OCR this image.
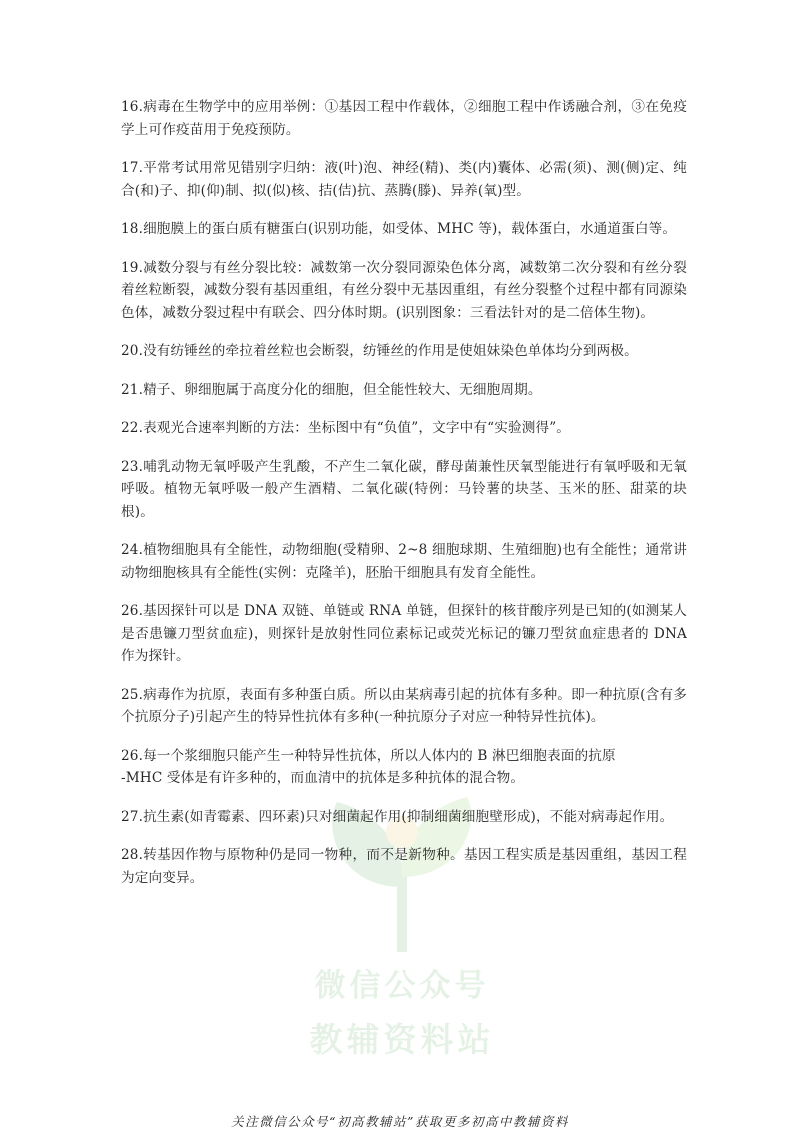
微信公众号
教辅资料站

16.病毒在生物学中的应用举例：①基因工程中作载体，②细胞工程中作诱融合剂，③在免疫学上可作疫苗用于免疫预防。

17.平常考试用常见错别字归纳：液(叶)泡、神经(精)、类(内)囊体、必需(须)、测(侧)定、纯合(和)子、抑(仰)制、拟(似)核、拮(佶)抗、蒸腾(滕)、异养(氧)型。

18.细胞膜上的蛋白质有糖蛋白(识别功能，如受体、MHC 等)，载体蛋白，水通道蛋白等。

19.减数分裂与有丝分裂比较：减数第一次分裂同源染色体分离，减数第二次分裂和有丝分裂着丝粒断裂，减数分裂有基因重组，有丝分裂中无基因重组，有丝分裂整个过程中都有同源染色体，减数分裂过程中有联会、四分体时期。(识别图象：三看法针对的是二倍体生物)。

20.没有纺锤丝的牵拉着丝粒也会断裂，纺锤丝的作用是使姐妹染色单体均分到两极。

21.精子、卵细胞属于高度分化的细胞，但全能性较大、无细胞周期。

22.表观光合速率判断的方法：坐标图中有“负值”，文字中有“实验测得”。

23.哺乳动物无氧呼吸产生乳酸，不产生二氧化碳，酵母菌兼性厌氧型能进行有氧呼吸和无氧呼吸。植物无氧呼吸一般产生酒精、二氧化碳(特例：马铃薯的块茎、玉米的胚、甜菜的块根)。

24.植物细胞具有全能性，动物细胞(受精卵、2~8 细胞球期、生殖细胞)也有全能性；通常讲动物细胞核具有全能性(实例：克隆羊)，胚胎干细胞具有发育全能性。

26.基因探针可以是 DNA 双链、单链或 RNA 单链，但探针的核苷酸序列是已知的(如测某人是否患镰刀型贫血症)，则探针是放射性同位素标记或荧光标记的镰刀型贫血症患者的 DNA 作为探针。

25.病毒作为抗原，表面有多种蛋白质。所以由某病毒引起的抗体有多种。即一种抗原(含有多个抗原分子)引起产生的特异性抗体有多种(一种抗原分子对应一种特异性抗体)。

26.每一个浆细胞只能产生一种特异性抗体，所以人体内的 B 淋巴细胞表面的抗原
-MHC 受体是有许多种的，而血清中的抗体是多种抗体的混合物。

27.抗生素(如青霉素、四环素)只对细菌起作用(抑制细菌细胞壁形成)，不能对病毒起作用。

28.转基因作物与原物种仍是同一物种，而不是新物种。基因工程实质是基因重组，基因工程为定向变异。

关注微信公众号“初高教辅站”获取更多初高中教辅资料
